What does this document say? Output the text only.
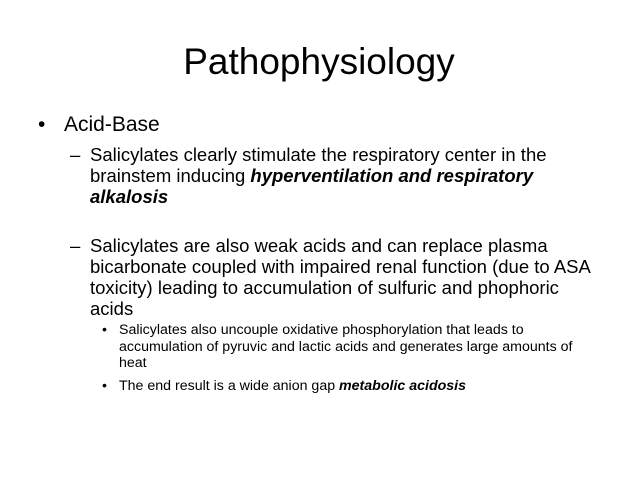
Pathophysiology
• Acid-Base
– Salicylates clearly stimulate the respiratory center in the brainstem inducing hyperventilation and respiratory alkalosis
– Salicylates are also weak acids and can replace plasma bicarbonate coupled with impaired renal function (due to ASA toxicity) leading to accumulation of sulfuric and phophoric acids
• Salicylates also uncouple oxidative phosphorylation that leads to accumulation of pyruvic and lactic acids and generates large amounts of heat
• The end result is a wide anion gap metabolic acidosis
